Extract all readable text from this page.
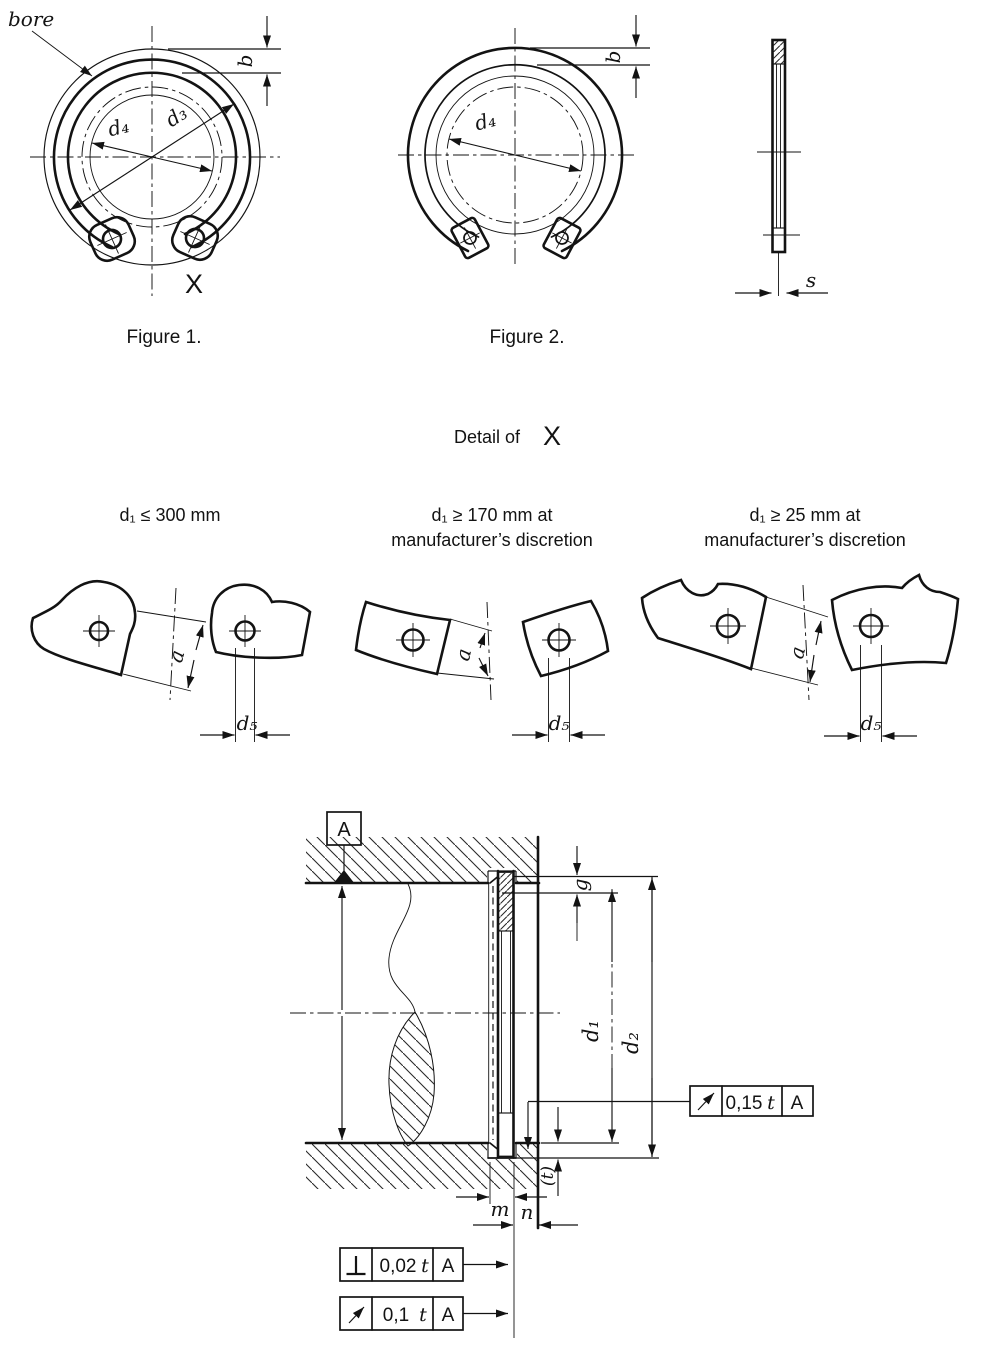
d₃
d₄
b
bore
X
Figure 1.
d₄
b
Figure 2.
s
Detail of X
d₁ ≤ 300 mm
a
d₅
d₁ ≥ 170 mm at
manufacturer’s discretion
a
d₅
d₁ ≥ 25 mm at
manufacturer’s discretion
a
d₅
A
g
d₁
d₂
(t)
0,15 t A
m n
0,02 t A
0,1 t A
